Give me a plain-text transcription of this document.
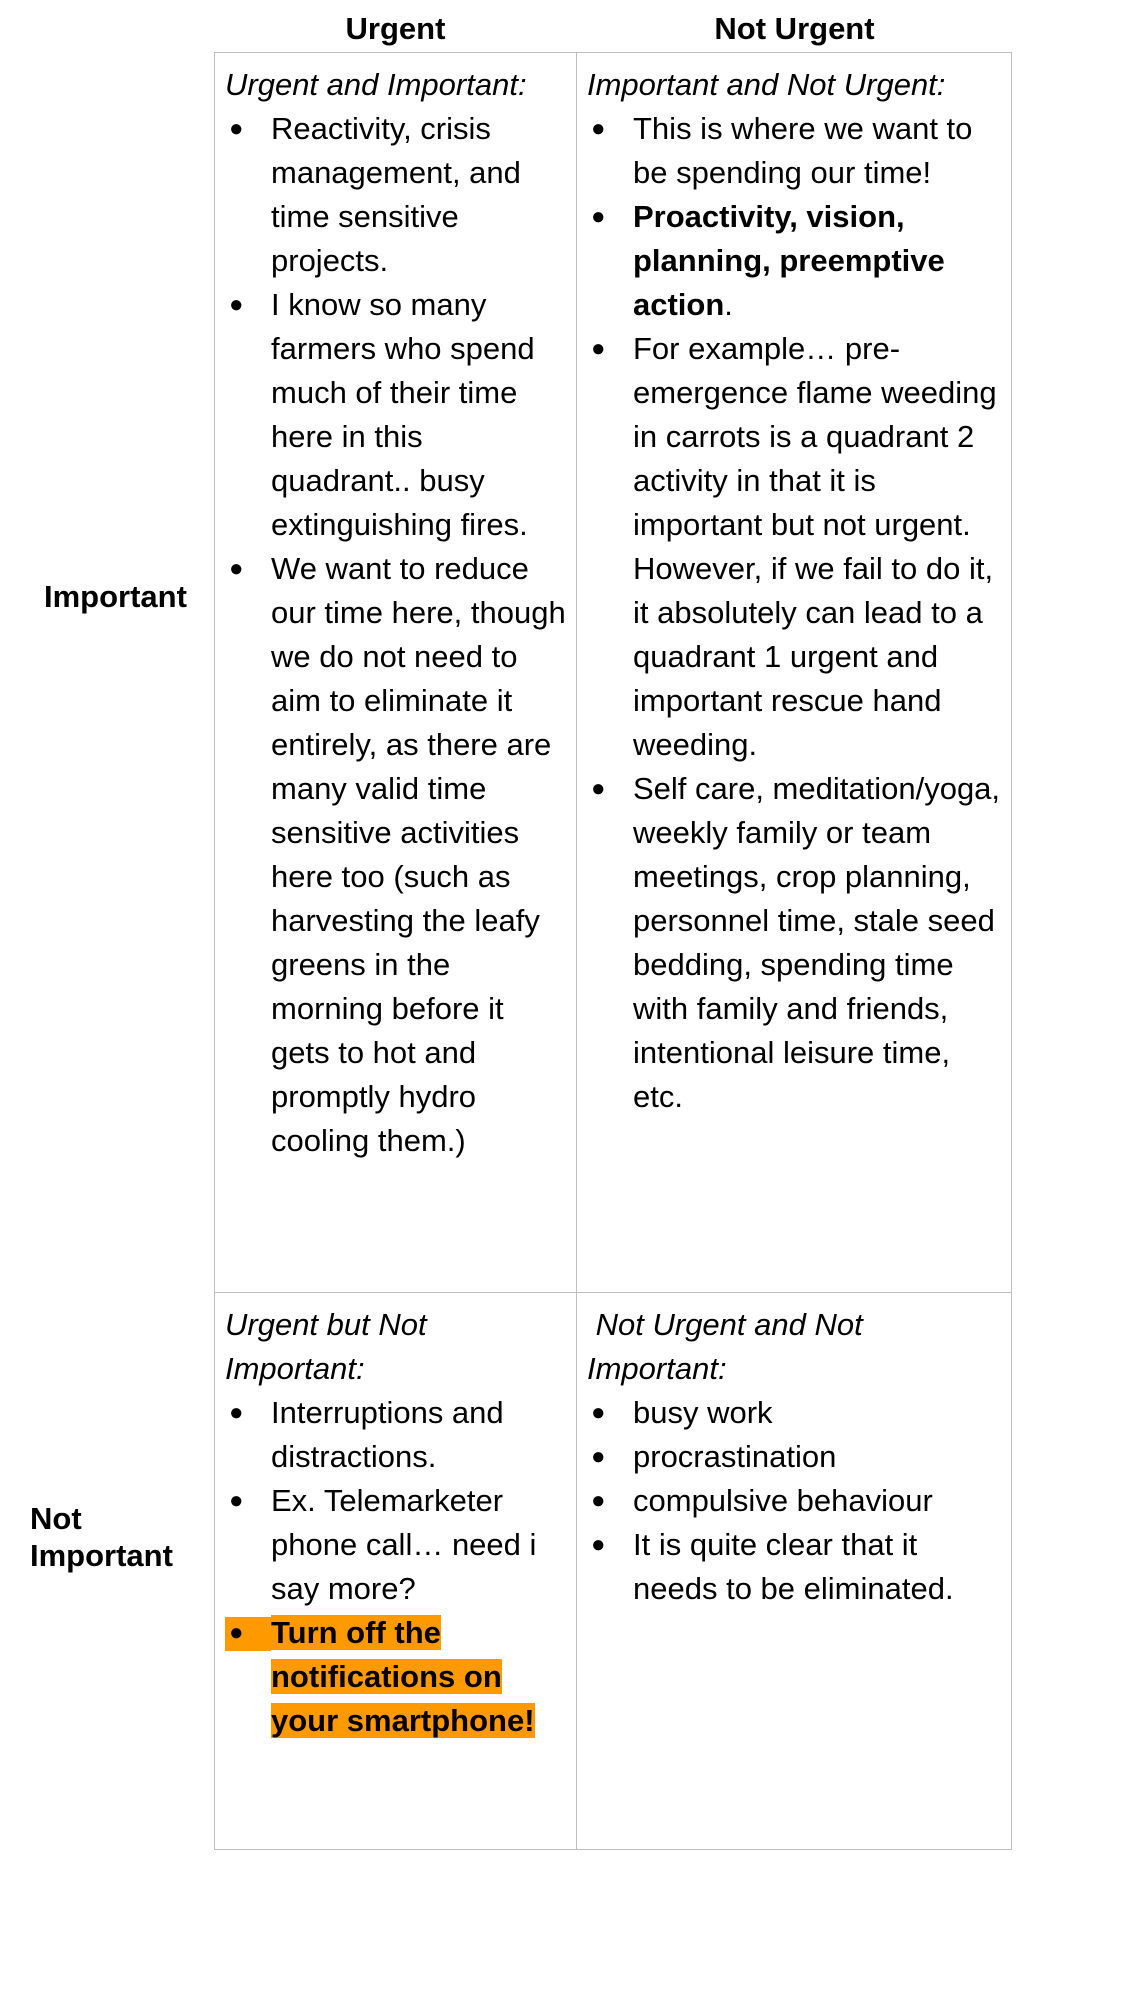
Urgent	Not Urgent
Important
Not
Important

Urgent and Important:

● Reactivity, crisis management, and time sensitive projects.
● I know so many farmers who spend much of their time here in this quadrant.. busy extinguishing fires.
● We want to reduce our time here, though we do not need to aim to eliminate it entirely, as there are many valid time sensitive activities here too (such as harvesting the leafy greens in the morning before it gets to hot and promptly hydro cooling them.)

Important and Not Urgent:

● This is where we want to be spending our time!
● Proactivity, vision, planning, preemptive action.
● For example… pre-emergence flame weeding in carrots is a quadrant 2 activity in that it is important but not urgent. However, if we fail to do it, it absolutely can lead to a quadrant 1 urgent and important rescue hand weeding.
● Self care, meditation/yoga, weekly family or team meetings, crop planning, personnel time, stale seed bedding, spending time with family and friends, intentional leisure time, etc.

Urgent but Not Important:

● Interruptions and distractions.
● Ex. Telemarketer phone call… need i say more?
● Turn off the notifications on your smartphone!

Not Urgent and Not Important:

● busy work
● procrastination
● compulsive behaviour
● It is quite clear that it needs to be eliminated.
